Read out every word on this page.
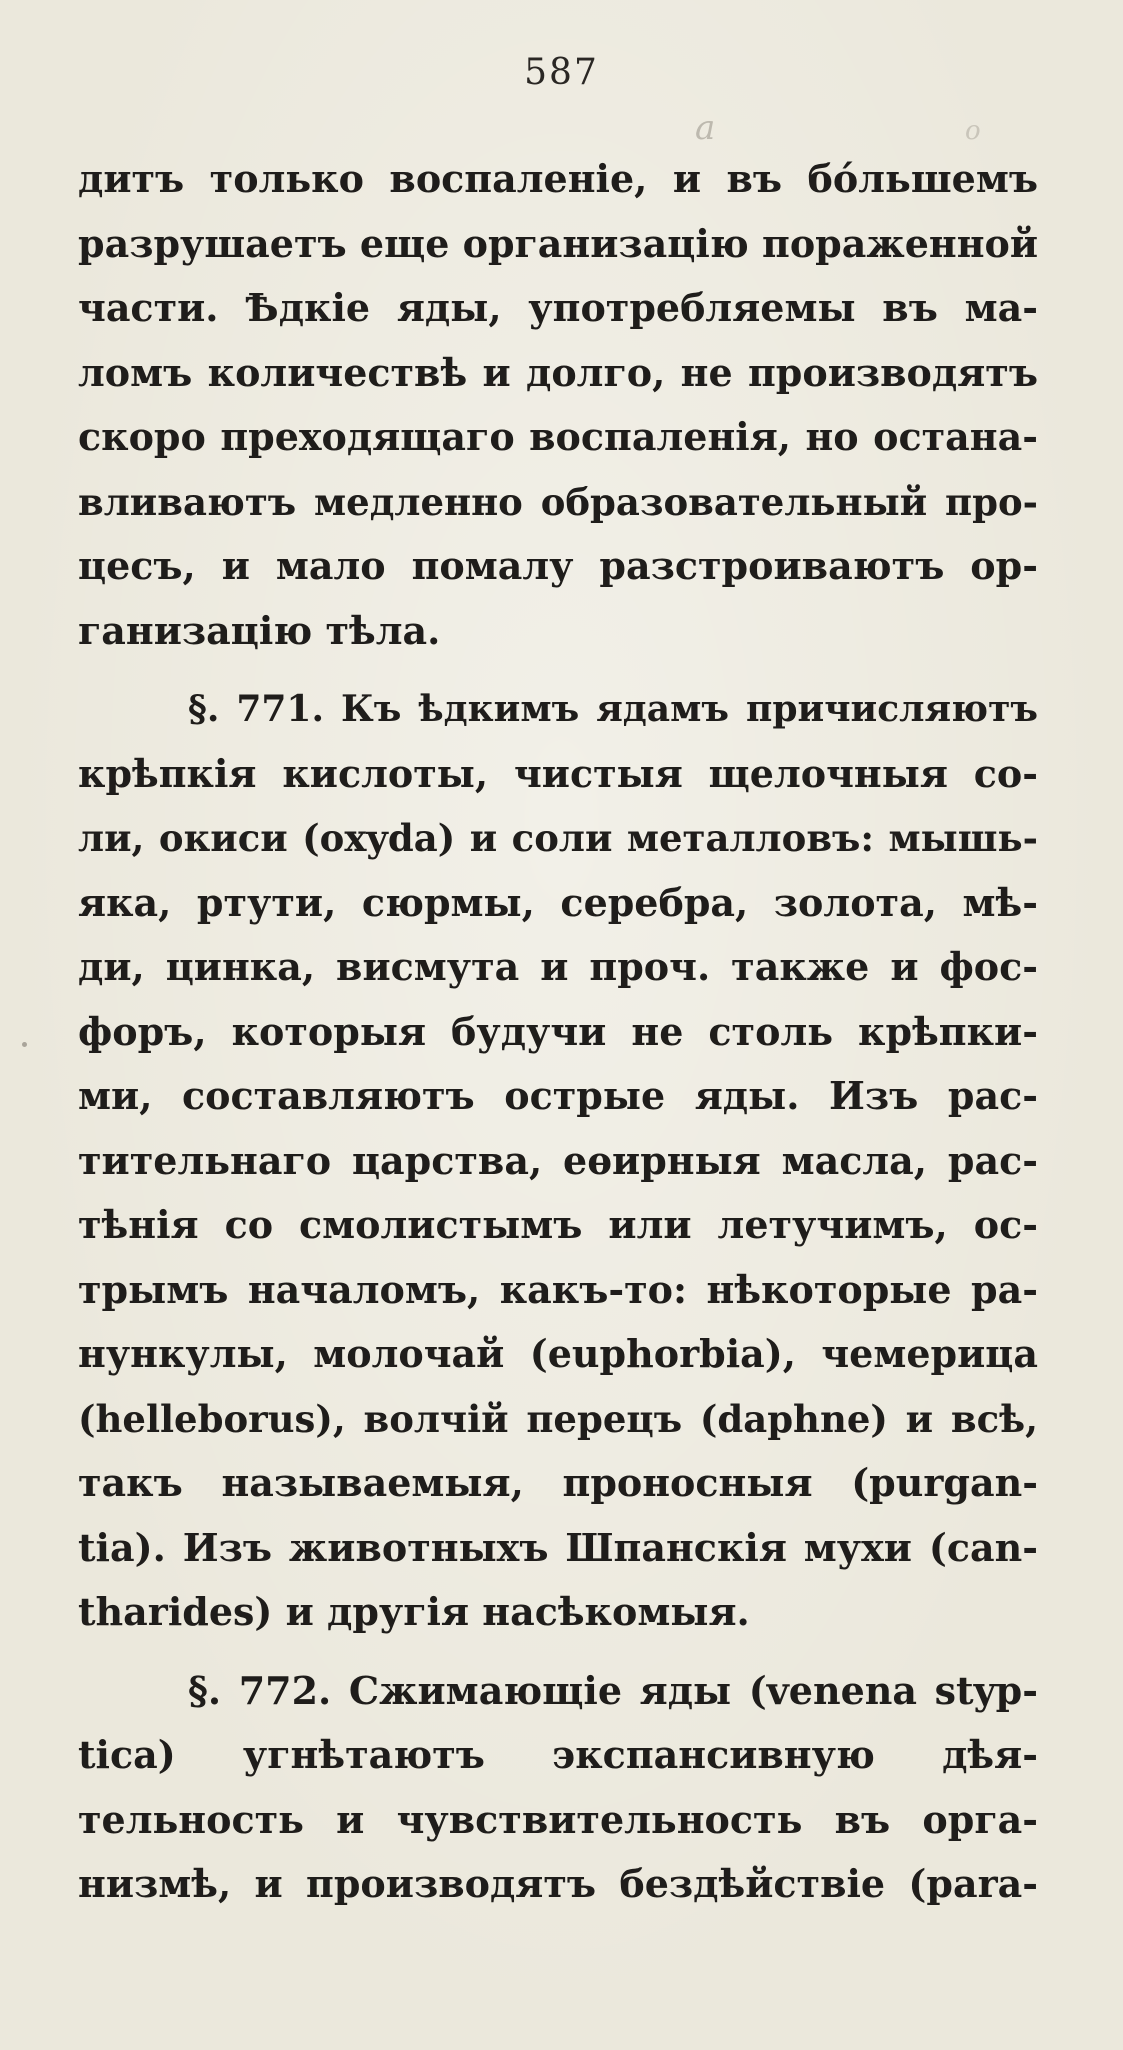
587
a	o
дитъ только воспаленіе, и въ бо́льшемъ
разрушаетъ еще организацію пораженной
части. Ѣдкіе яды, употребляемы въ ма-
ломъ количествѣ и долго, не производятъ
скоро преходящаго воспаленія, но остана-
вливаютъ медленно образовательный про-
цесъ, и мало помалу разстроиваютъ ор-
ганизацію тѣла.
§. 771. Къ ѣдкимъ ядамъ причисляютъ
крѣпкія кислоты, чистыя щелочныя со-
ли, окиси (oxyda) и соли металловъ: мышь-
яка, ртути, сюрмы, серебра, золота, мѣ-
ди, цинка, висмута и проч. также и фос-
форъ, которыя будучи не столь крѣпки-
ми, составляютъ острые яды. Изъ рас-
тительнаго царства, еѳирныя масла, рас-
тѣнія со смолистымъ или летучимъ, ос-
трымъ началомъ, какъ-то: нѣкоторые ра-
нункулы, молочай (euphorbia), чемерица
(helleborus), волчій перецъ (daphne) и всѣ,
такъ называемыя, проносныя (purgan-
tia). Изъ животныхъ Шпанскія мухи (can-
tharides) и другія насѣкомыя.
§. 772. Сжимающіе яды (venena styp-
tica) угнѣтаютъ экспансивную дѣя-
тельность и чувствительность въ орга-
низмѣ, и производятъ бездѣйствіе (para-
